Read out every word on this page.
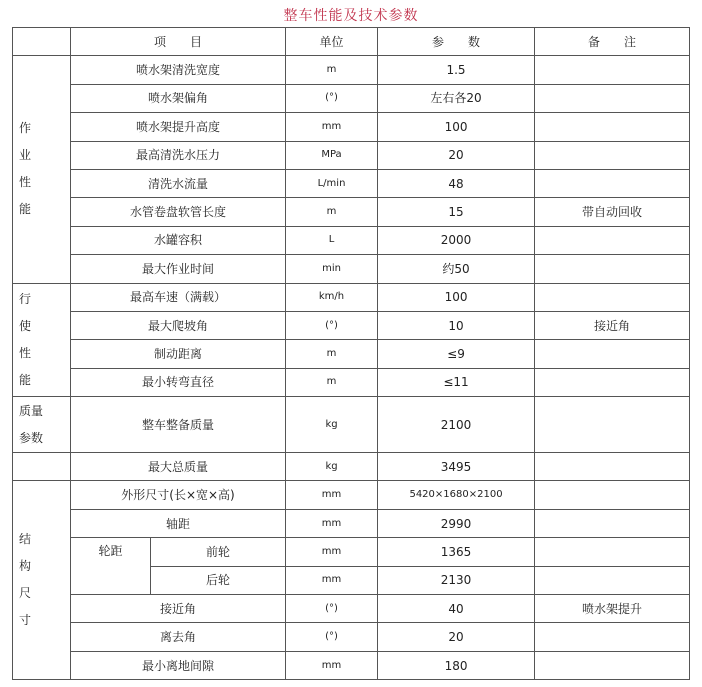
整车性能及技术参数
	项　　目		单位	参　　数	备　　注

作
业
性
能	喷水架清洗宽度		m	1.5	
	喷水架偏角		(°)	左右各20	
	喷水架提升高度		mm	100	
	最高清洗水压力		MPa	20	
	清洗水流量		L/min	48	
	水管卷盘软管长度		m	15	带自动回收
	水罐容积		L	2000	
	最大作业时间		min	约50	

行
使
性
能	最高车速（满载）		km/h	100	
	最大爬坡角		(°)	10	接近角
	制动距离		m	≤9	
	最小转弯直径		m	≤11	

质量
参数	整车整备质量		kg	2100	
	最大总质量		kg	3495	

结
构
尺
寸	外形尺寸(长×宽×高)		mm	5420×1680×2100	
	轴距		mm	2990	
	轮距	前轮	mm	1365	
		后轮	mm	2130	
	接近角		(°)	40	喷水架提升
	离去角		(°)	20	
	最小离地间隙		mm	180	
